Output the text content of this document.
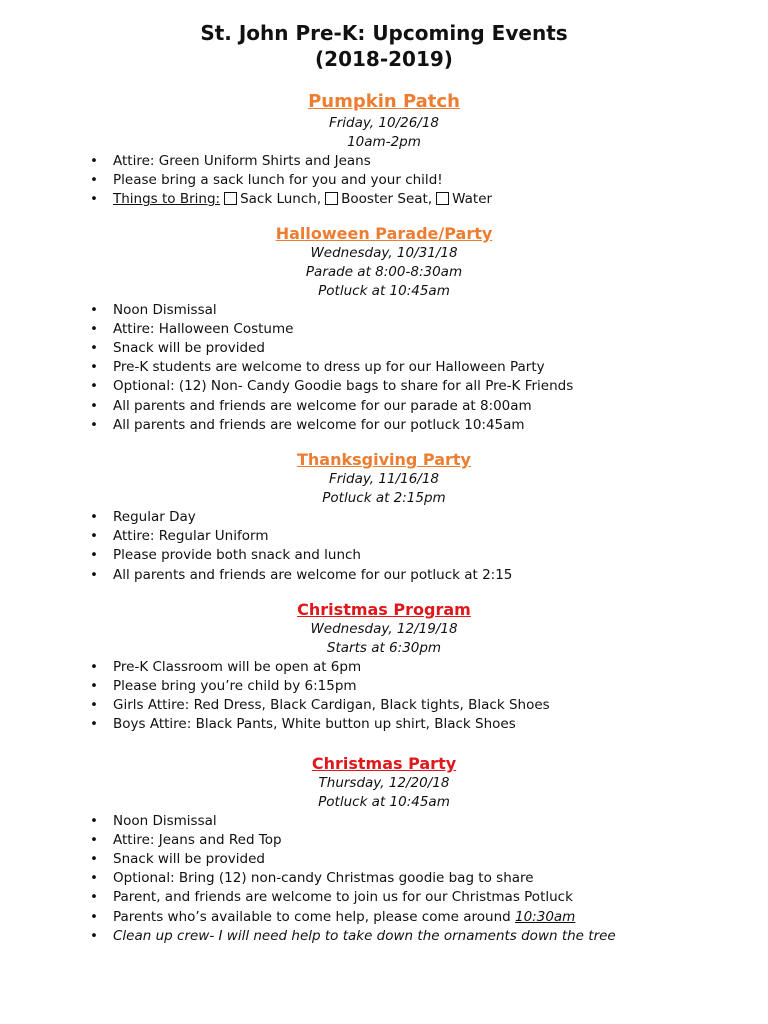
St. John Pre-K: Upcoming Events
(2018-2019)
Pumpkin Patch

Friday, 10/26/18

10am-2pm

• Attire: Green Uniform Shirts and Jeans
• Please bring a sack lunch for you and your child!
• Things to Bring: Sack Lunch, Booster Seat, Water
Halloween Parade/Party

Wednesday, 10/31/18

Parade at 8:00-8:30am

Potluck at 10:45am

• Noon Dismissal
• Attire: Halloween Costume
• Snack will be provided
• Pre-K students are welcome to dress up for our Halloween Party
• Optional: (12) Non- Candy Goodie bags to share for all Pre-K Friends
• All parents and friends are welcome for our parade at 8:00am
• All parents and friends are welcome for our potluck 10:45am
Thanksgiving Party

Friday, 11/16/18

Potluck at 2:15pm

• Regular Day
• Attire: Regular Uniform
• Please provide both snack and lunch
• All parents and friends are welcome for our potluck at 2:15
Christmas Program

Wednesday, 12/19/18

Starts at 6:30pm

• Pre-K Classroom will be open at 6pm
• Please bring you’re child by 6:15pm
• Girls Attire: Red Dress, Black Cardigan, Black tights, Black Shoes
• Boys Attire: Black Pants, White button up shirt, Black Shoes
Christmas Party

Thursday, 12/20/18

Potluck at 10:45am

• Noon Dismissal
• Attire: Jeans and Red Top
• Snack will be provided
• Optional: Bring (12) non-candy Christmas goodie bag to share
• Parent, and friends are welcome to join us for our Christmas Potluck
• Parents who’s available to come help, please come around 10:30am
• Clean up crew- I will need help to take down the ornaments down the tree
